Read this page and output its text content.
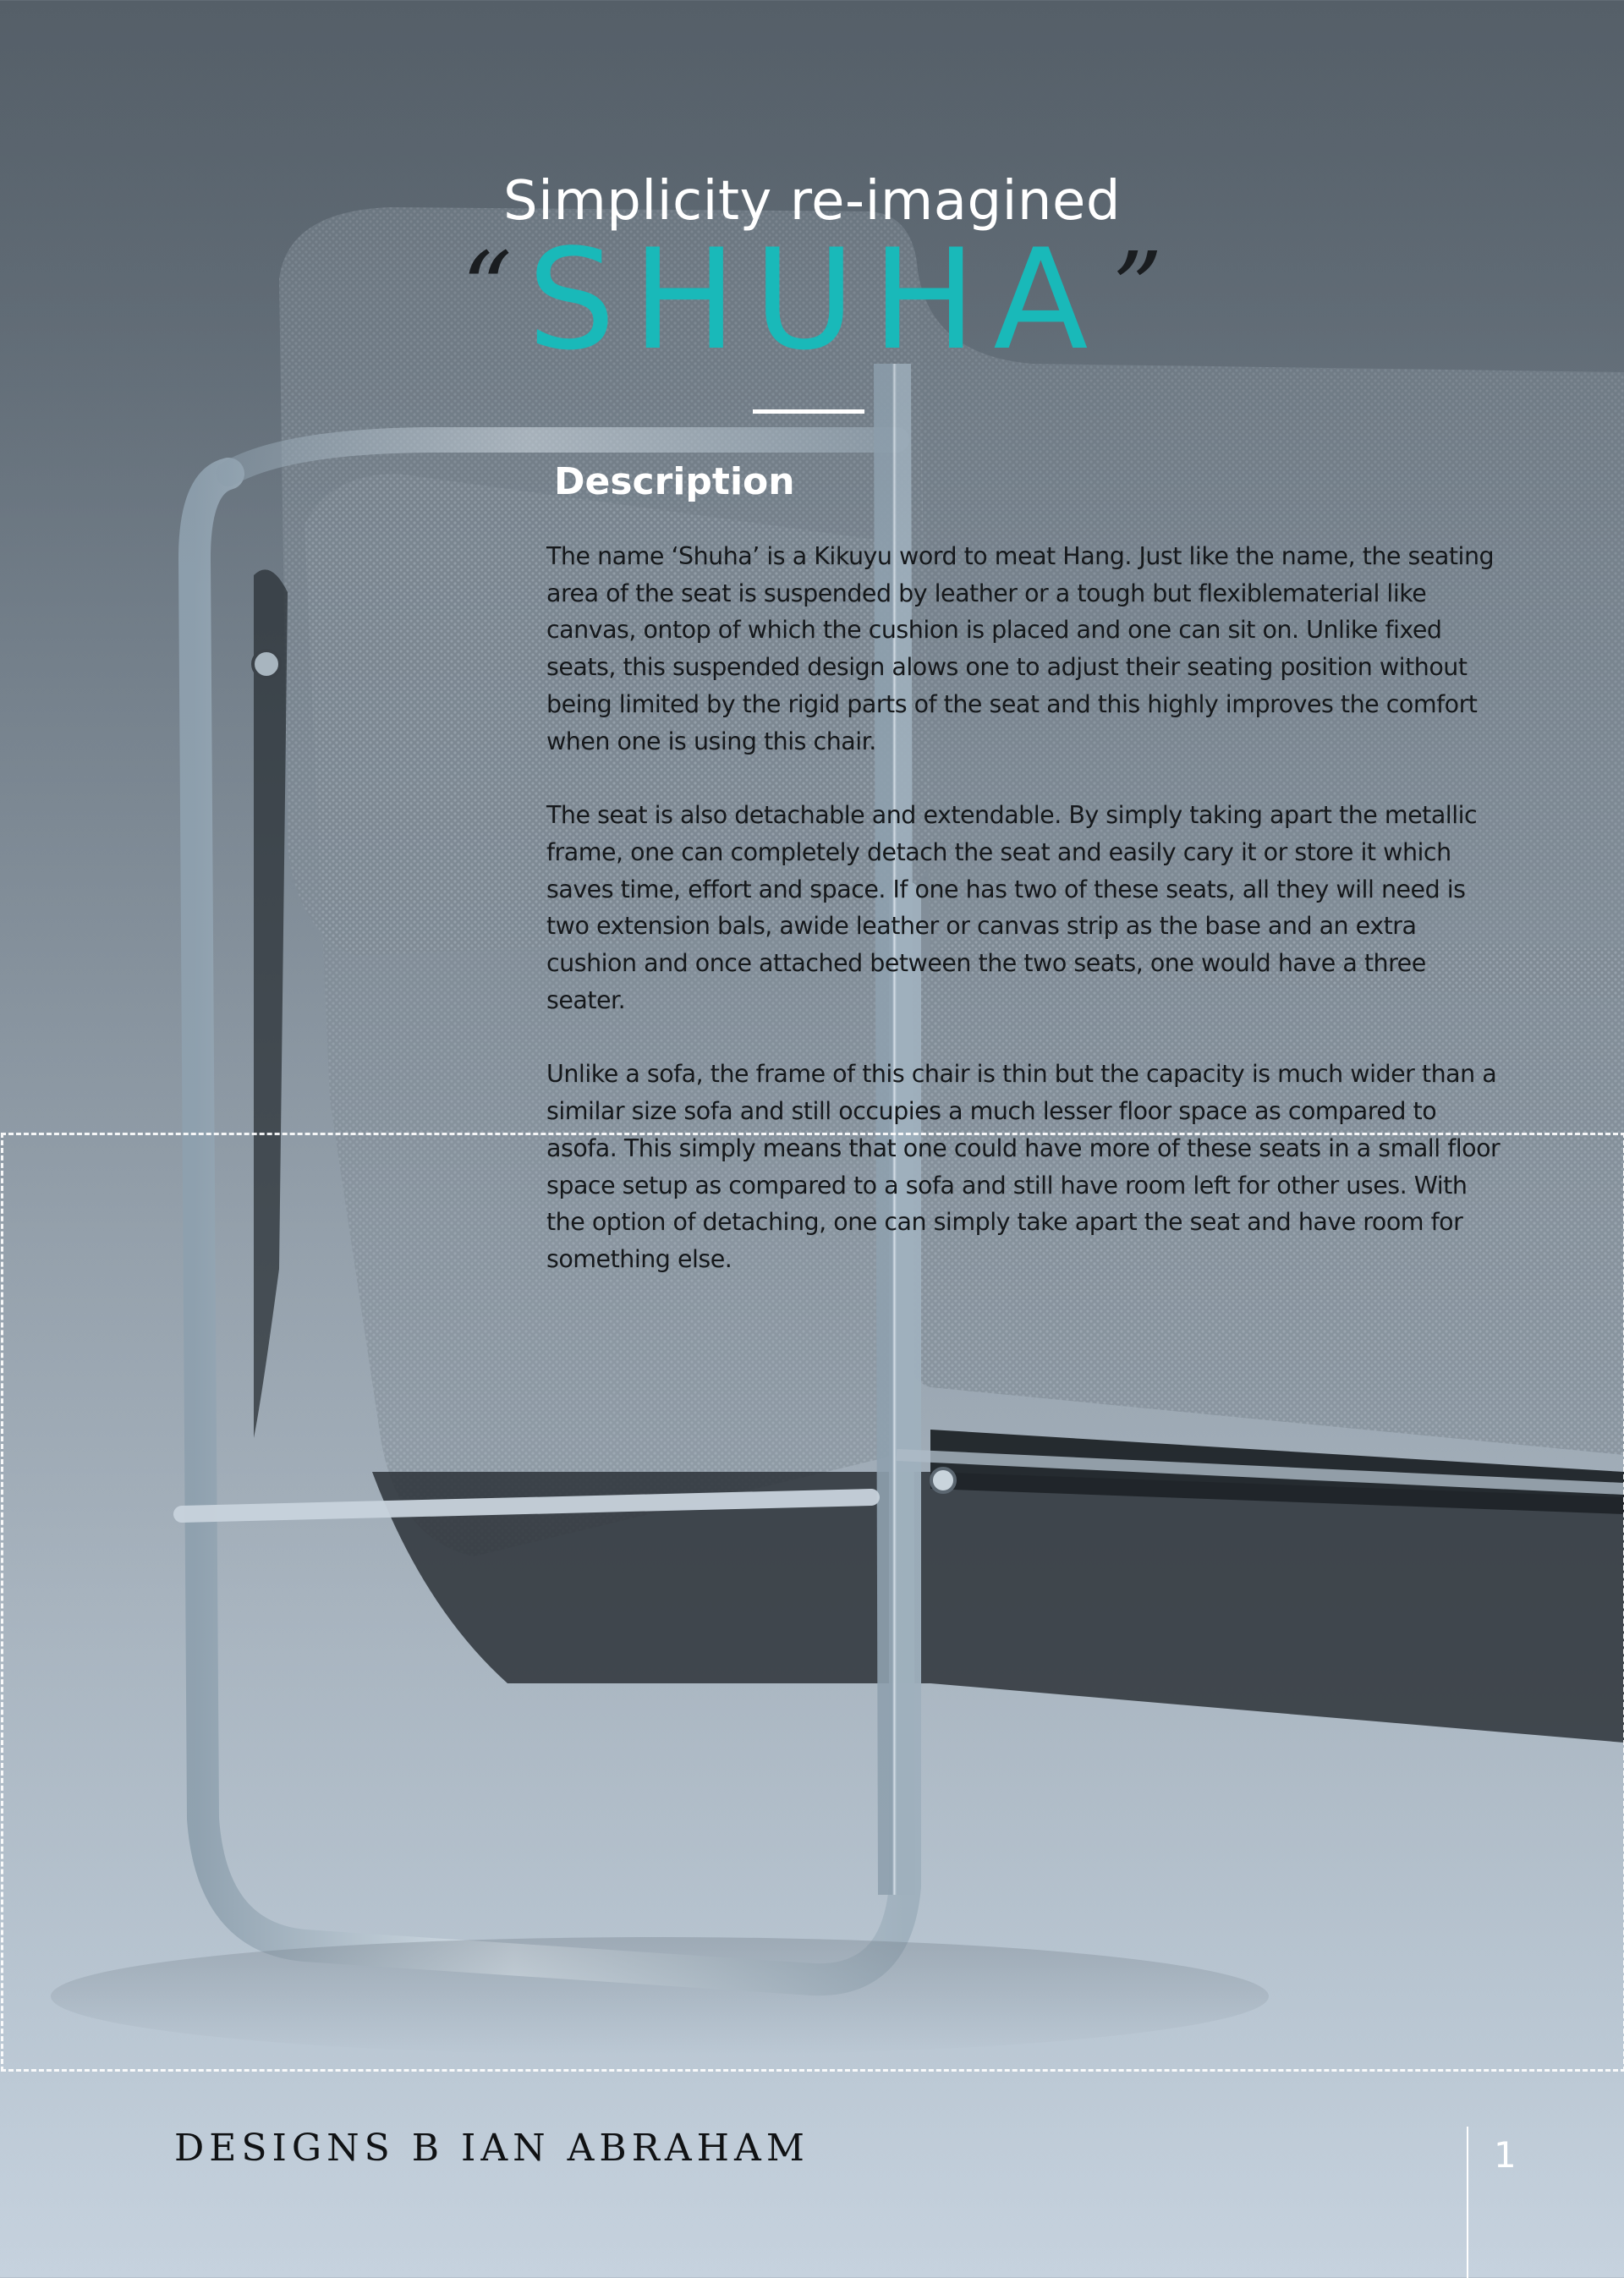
Simplicity re-imagined
“ SHUHA ”
Description

The name ‘Shuha’ is a Kikuyu word to meat Hang. Just like the name, the seating area of the seat is suspended by leather or a tough but flexiblematerial like canvas, ontop of which the cushion is placed and one can sit on. Unlike fixed seats, this suspended design alows one to adjust their seating position without being limited by the rigid parts of the seat and this highly improves the comfort when one is using this chair.

The seat is also detachable and extendable. By simply taking apart the metallic frame, one can completely detach the seat and easily cary it or store it which saves time, effort and space. If one has two of these seats, all they will need is two extension bals, awide leather or canvas strip as the base and an extra cushion and once attached between the two seats, one would have a three seater.

Unlike a sofa, the frame of this chair is thin but the capacity is much wider than a similar size sofa and still occupies a much lesser floor space as compared to asofa. This simply means that one could have more of these seats in a small floor space setup as compared to a sofa and still have room left for other uses. With the option of detaching, one can simply take apart the seat and have room for something else.

DESIGNS B IAN ABRAHAM	1
